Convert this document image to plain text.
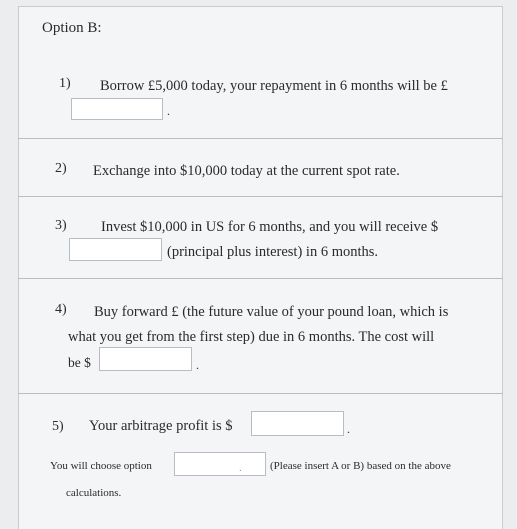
Option B:
1) Borrow £5,000 today, your repayment in 6 months will be £
.
2) Exchange into $10,000 today at the current spot rate.
3) Invest $10,000 in US for 6 months, and you will receive $
(principal plus interest) in 6 months.
4) Buy forward £ (the future value of your pound loan, which is
what you get from the first step) due in 6 months. The cost will
be $	.
5) Your arbitrage profit is $	.
You will choose option	.	(Please insert A or B) based on the above
calculations.
